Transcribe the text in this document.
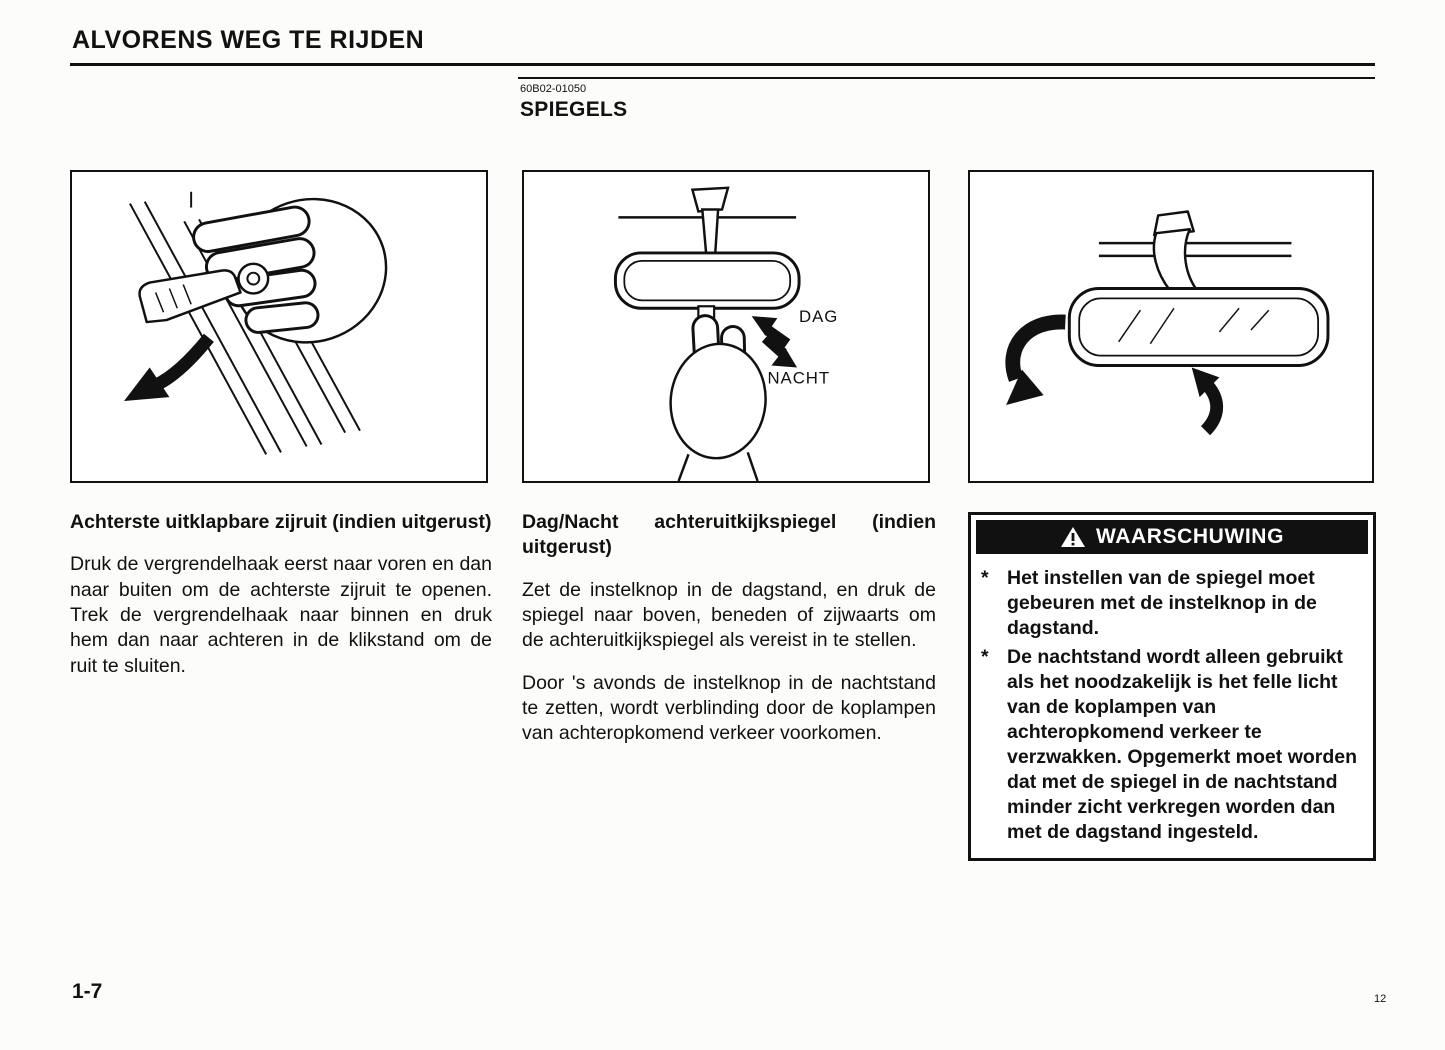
ALVORENS WEG TE RIJDEN
60B02-01050
SPIEGELS
DAG
NACHT

Achterste uitklapbare zijruit (indien uitgerust)

Druk de vergrendelhaak eerst naar voren en dan naar buiten om de achterste zijruit te openen. Trek de vergrendelhaak naar binnen en druk hem dan naar achteren in de klikstand om de ruit te sluiten.

Dag/Nacht achteruitkijkspiegel (indien uitgerust)

Zet de instelknop in de dagstand, en druk de spiegel naar boven, beneden of zijwaarts om de achteruitkijkspiegel als vereist in te stellen.

Door 's avonds de instelknop in de nachtstand te zetten, wordt verblinding door de koplampen van achteropkomend verkeer voorkomen.

WAARSCHUWING
* Het instellen van de spiegel moet gebeuren met de instelknop in de dagstand.
* De nachtstand wordt alleen gebruikt als het noodzakelijk is het felle licht van de koplampen van achteropkomend verkeer te verzwakken. Opgemerkt moet worden dat met de spiegel in de nachtstand minder zicht verkregen worden dan met de dagstand ingesteld.
1-7	12
